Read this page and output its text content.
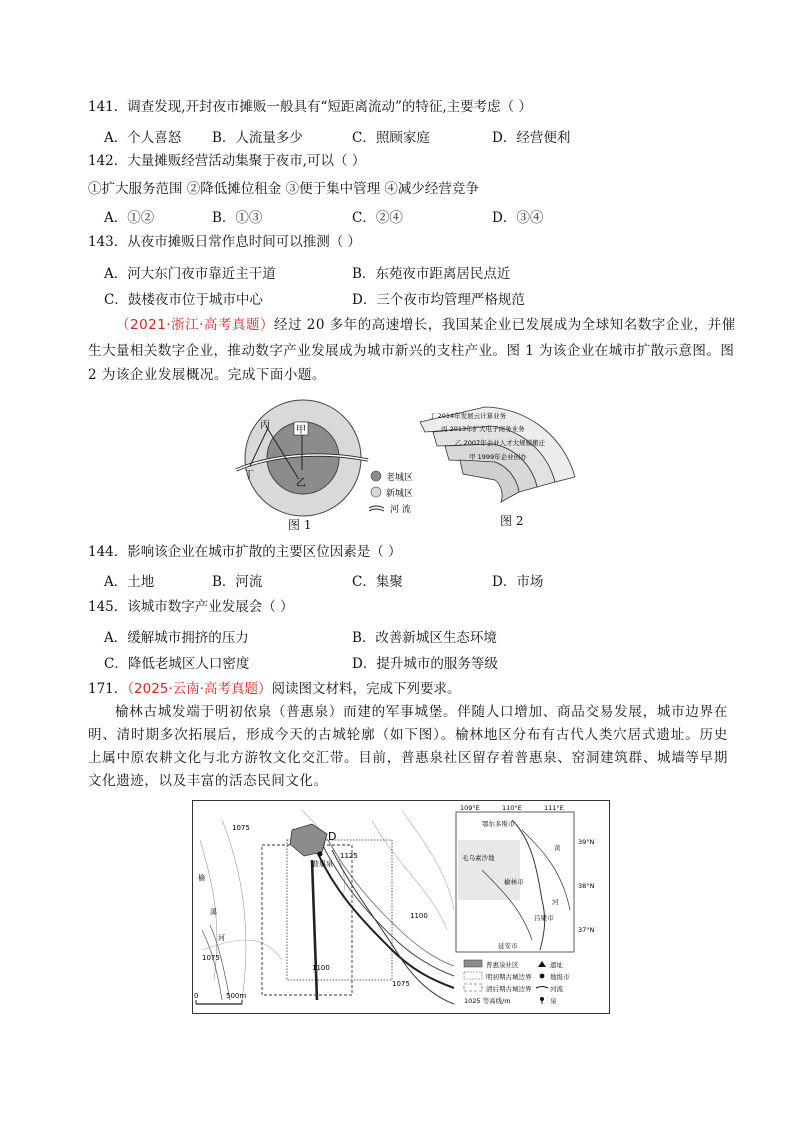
141．调查发现,开封夜市摊贩一般具有“短距离流动”的特征,主要考虑（ ）
A．个人喜怒 B．人流量多少	C．照顾家庭	D．经营便利
142．大量摊贩经营活动集聚于夜市,可以（ ）
①扩大服务范围 ②降低摊位租金 ③便于集中管理 ④减少经营竞争
A．①②	B．①③	C．②④	D．③④
143．从夜市摊贩日常作息时间可以推测（ ）
A．河大东门夜市靠近主干道	B．东苑夜市距离居民点近
C．鼓楼夜市位于城市中心	D．三个夜市均管理严格规范
（2021·浙江·高考真题）经过 20 多年的高速增长，我国某企业已发展成为全球知名数字企业，并催
生大量相关数字企业，推动数字产业发展成为城市新兴的支柱产业。图 1 为该企业在城市扩散示意图。图
2 为该企业发展概况。完成下面小题。
甲
丙
乙
丁	老城区
新城区
河 流
图 1
丁 2014年发展云计算业务
丙 2013年扩大电子商务业务
乙 2007年企业人才大规模搬迁
甲 1999年企业创办
图 2
144．影响该企业在城市扩散的主要区位因素是（ ）
A．土地	B．河流	C．集聚	D．市场
145．该城市数字产业发展会（ ）
A．缓解城市拥挤的压力	B．改善新城区生态环境
C．降低老城区人口密度	D．提升城市的服务等级
171．（2025·云南·高考真题）阅读图文材料，完成下列要求。
榆林古城发端于明初依泉（普惠泉）而建的军事城堡。伴随人口增加、商品交易发展，城市边界在明、清时期多次拓展后，形成今天的古城轮廓（如下图）。榆林地区分布有古代人类穴居式遗址。历史上属中原农耕文化与北方游牧文化交汇带。目前，普惠泉社区留存着普惠泉、窑洞建筑群、城墙等早期文化遗迹，以及丰富的活态民间文化。
D
普惠泉
1075
1125
1100
1075
1100
1075
榆
溪
河
0	500m
109°E	110°E	111°E
39°N
38°N
37°N
鄂尔多斯市
榆林市
吕梁市
延安市
毛乌素沙地
黄
河
普惠泉社区
明初期古城边界
清后期古城边界
1025 等高线/m
遗址
地级市
河流
泉
